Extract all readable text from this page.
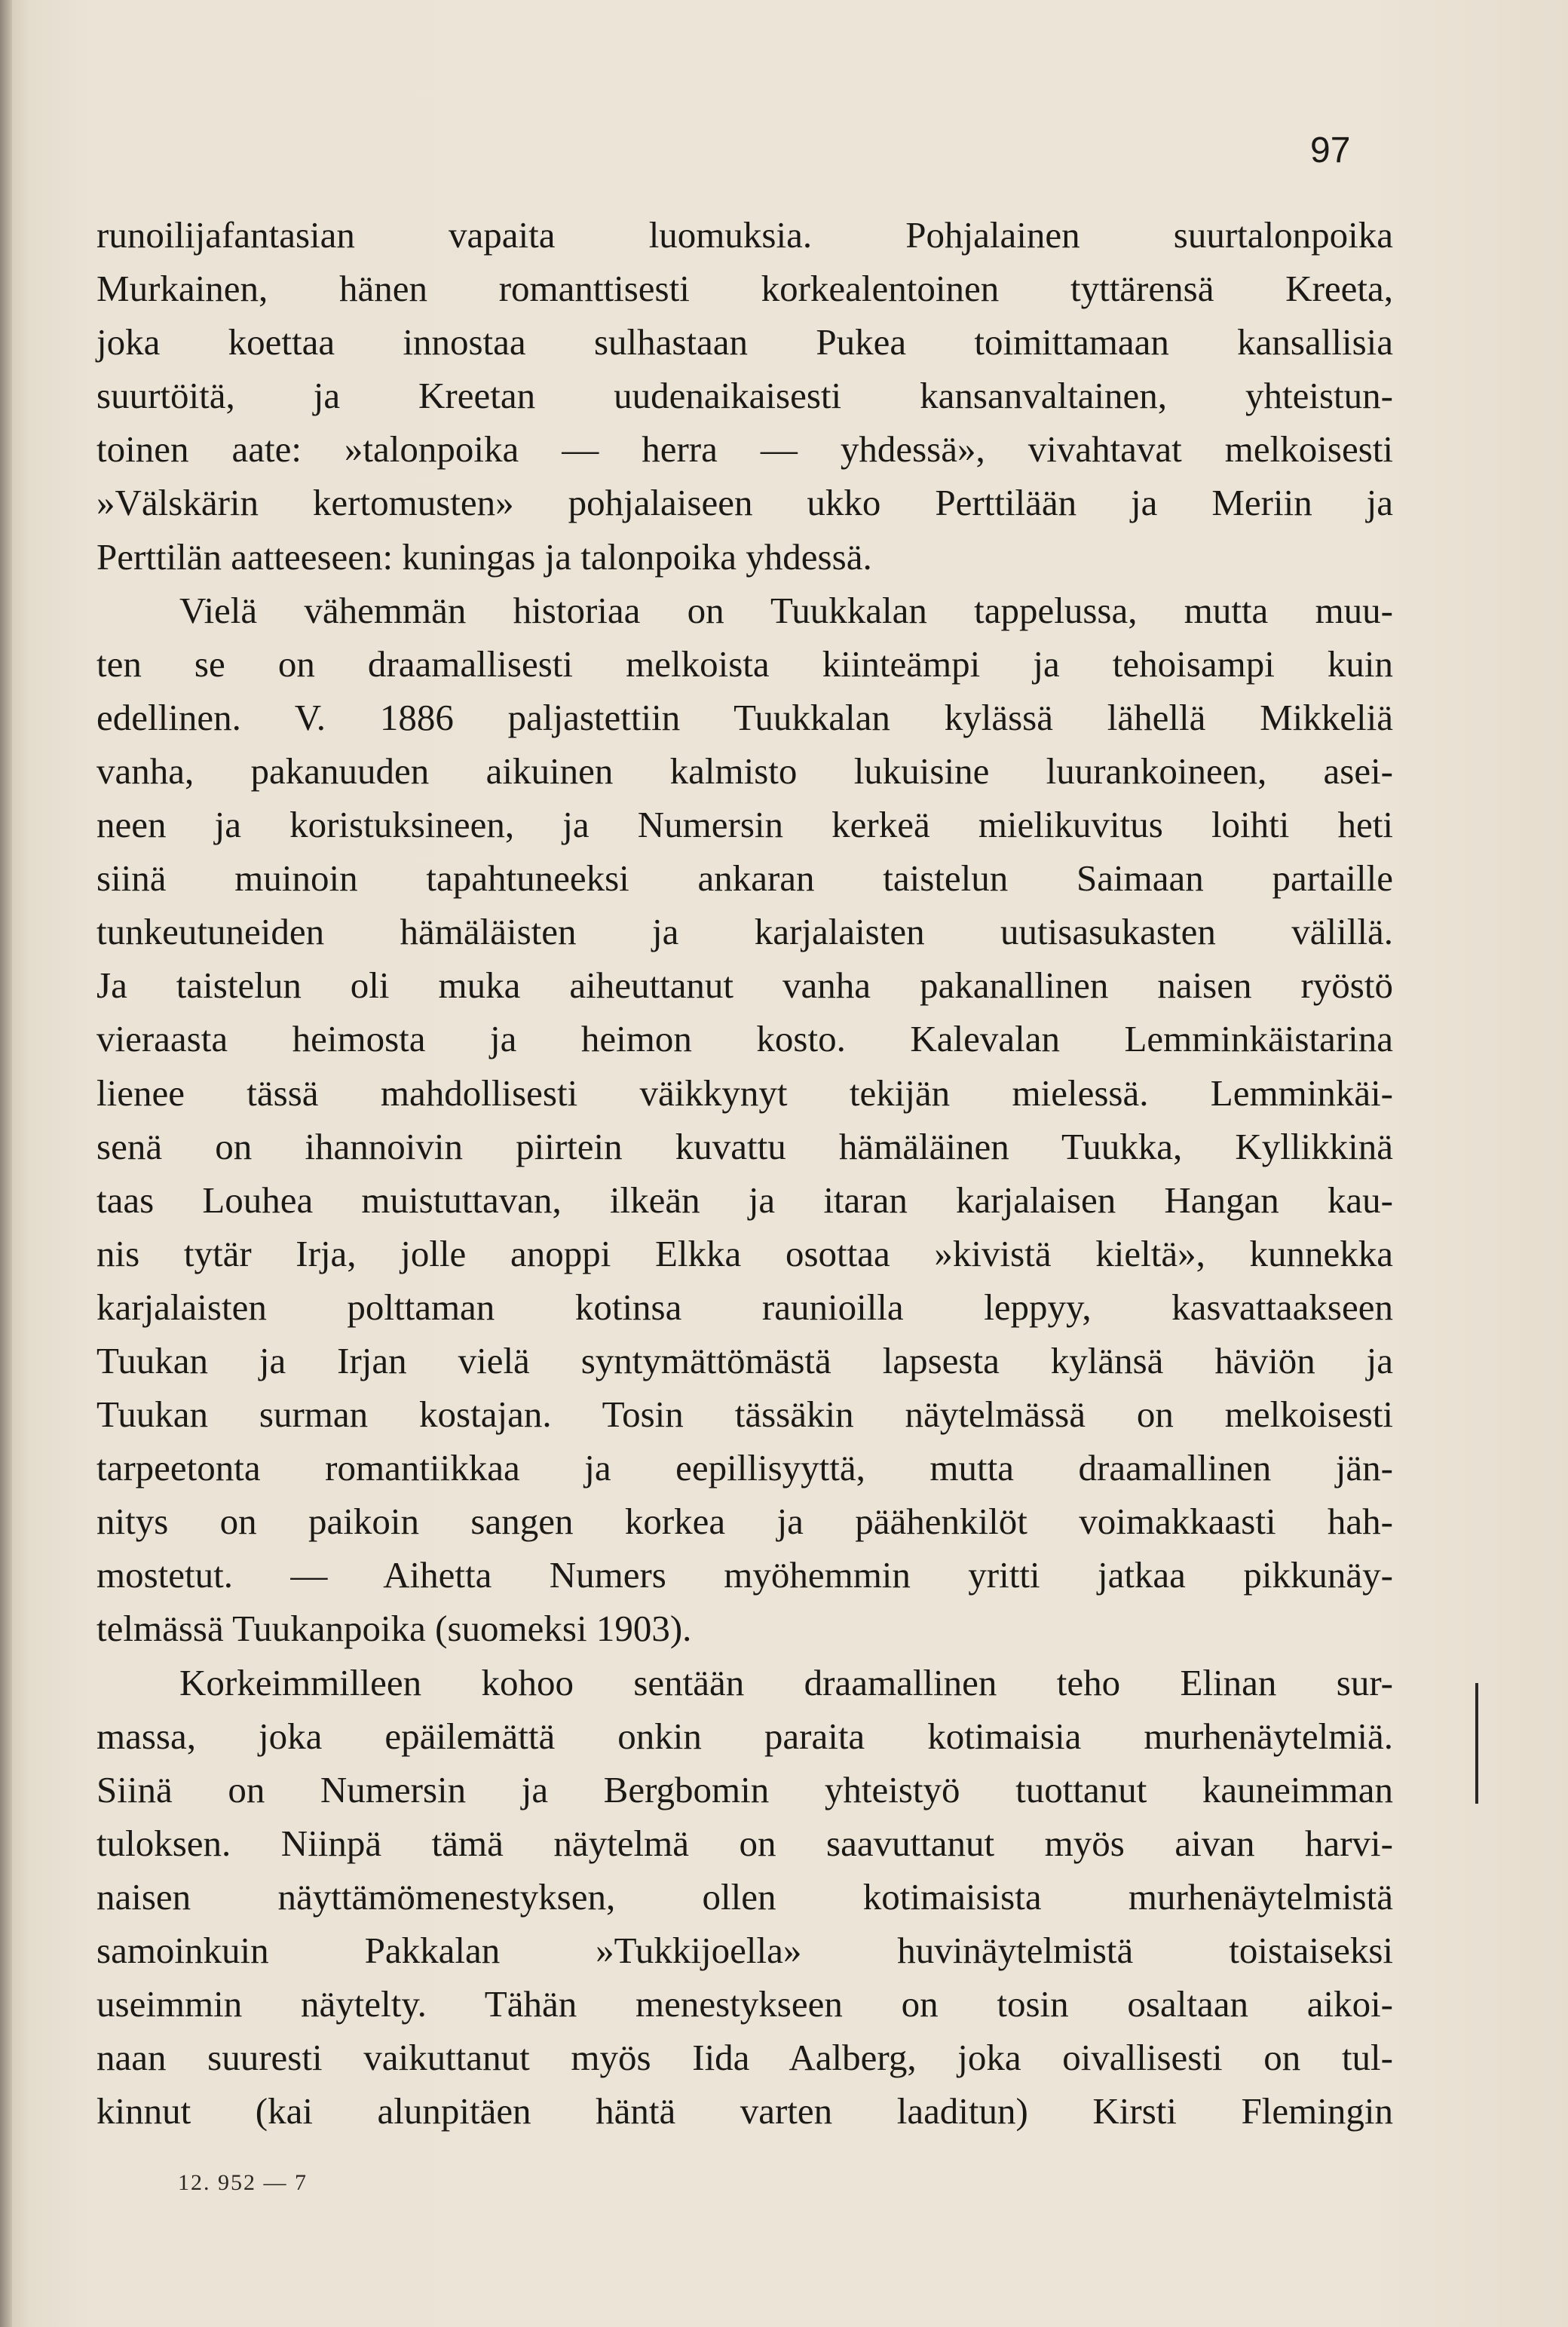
97
runoilijafantasian vapaita luomuksia. Pohjalainen suurtalonpoika
Murkainen, hänen romanttisesti korkealentoinen tyttärensä Kreeta,
joka koettaa innostaa sulhastaan Pukea toimittamaan kansallisia
suurtöitä, ja Kreetan uudenaikaisesti kansanvaltainen, yhteistun-
toinen aate: »talonpoika — herra — yhdessä», vivahtavat melkoisesti
»Välskärin kertomusten» pohjalaiseen ukko Perttilään ja Meriin ja
Perttilän aatteeseen: kuningas ja talonpoika yhdessä.
Vielä vähemmän historiaa on Tuukkalan tappelussa, mutta muu-
ten se on draamallisesti melkoista kiinteämpi ja tehoisampi kuin
edellinen. V. 1886 paljastettiin Tuukkalan kylässä lähellä Mikkeliä
vanha, pakanuuden aikuinen kalmisto lukuisine luurankoineen, asei-
neen ja koristuksineen, ja Numersin kerkeä mielikuvitus loihti heti
siinä muinoin tapahtuneeksi ankaran taistelun Saimaan partaille
tunkeutuneiden hämäläisten ja karjalaisten uutisasukasten välillä.
Ja taistelun oli muka aiheuttanut vanha pakanallinen naisen ryöstö
vieraasta heimosta ja heimon kosto. Kalevalan Lemminkäistarina
lienee tässä mahdollisesti väikkynyt tekijän mielessä. Lemminkäi-
senä on ihannoivin piirtein kuvattu hämäläinen Tuukka, Kyllikkinä
taas Louhea muistuttavan, ilkeän ja itaran karjalaisen Hangan kau-
nis tytär Irja, jolle anoppi Elkka osottaa »kivistä kieltä», kunnekka
karjalaisten polttaman kotinsa raunioilla leppyy, kasvattaakseen
Tuukan ja Irjan vielä syntymättömästä lapsesta kylänsä häviön ja
Tuukan surman kostajan. Tosin tässäkin näytelmässä on melkoisesti
tarpeetonta romantiikkaa ja eepillisyyttä, mutta draamallinen jän-
nitys on paikoin sangen korkea ja päähenkilöt voimakkaasti hah-
mostetut. — Aihetta Numers myöhemmin yritti jatkaa pikkunäy-
telmässä Tuukanpoika (suomeksi 1903).
Korkeimmilleen kohoo sentään draamallinen teho Elinan sur-
massa, joka epäilemättä onkin paraita kotimaisia murhenäytelmiä.
Siinä on Numersin ja Bergbomin yhteistyö tuottanut kauneimman
tuloksen. Niinpä tämä näytelmä on saavuttanut myös aivan harvi-
naisen näyttämömenestyksen, ollen kotimaisista murhenäytelmistä
samoinkuin Pakkalan »Tukkijoella» huvinäytelmistä toistaiseksi
useimmin näytelty. Tähän menestykseen on tosin osaltaan aikoi-
naan suuresti vaikuttanut myös Iida Aalberg, joka oivallisesti on tul-
kinnut (kai alunpitäen häntä varten laaditun) Kirsti Flemingin
12. 952 — 7
